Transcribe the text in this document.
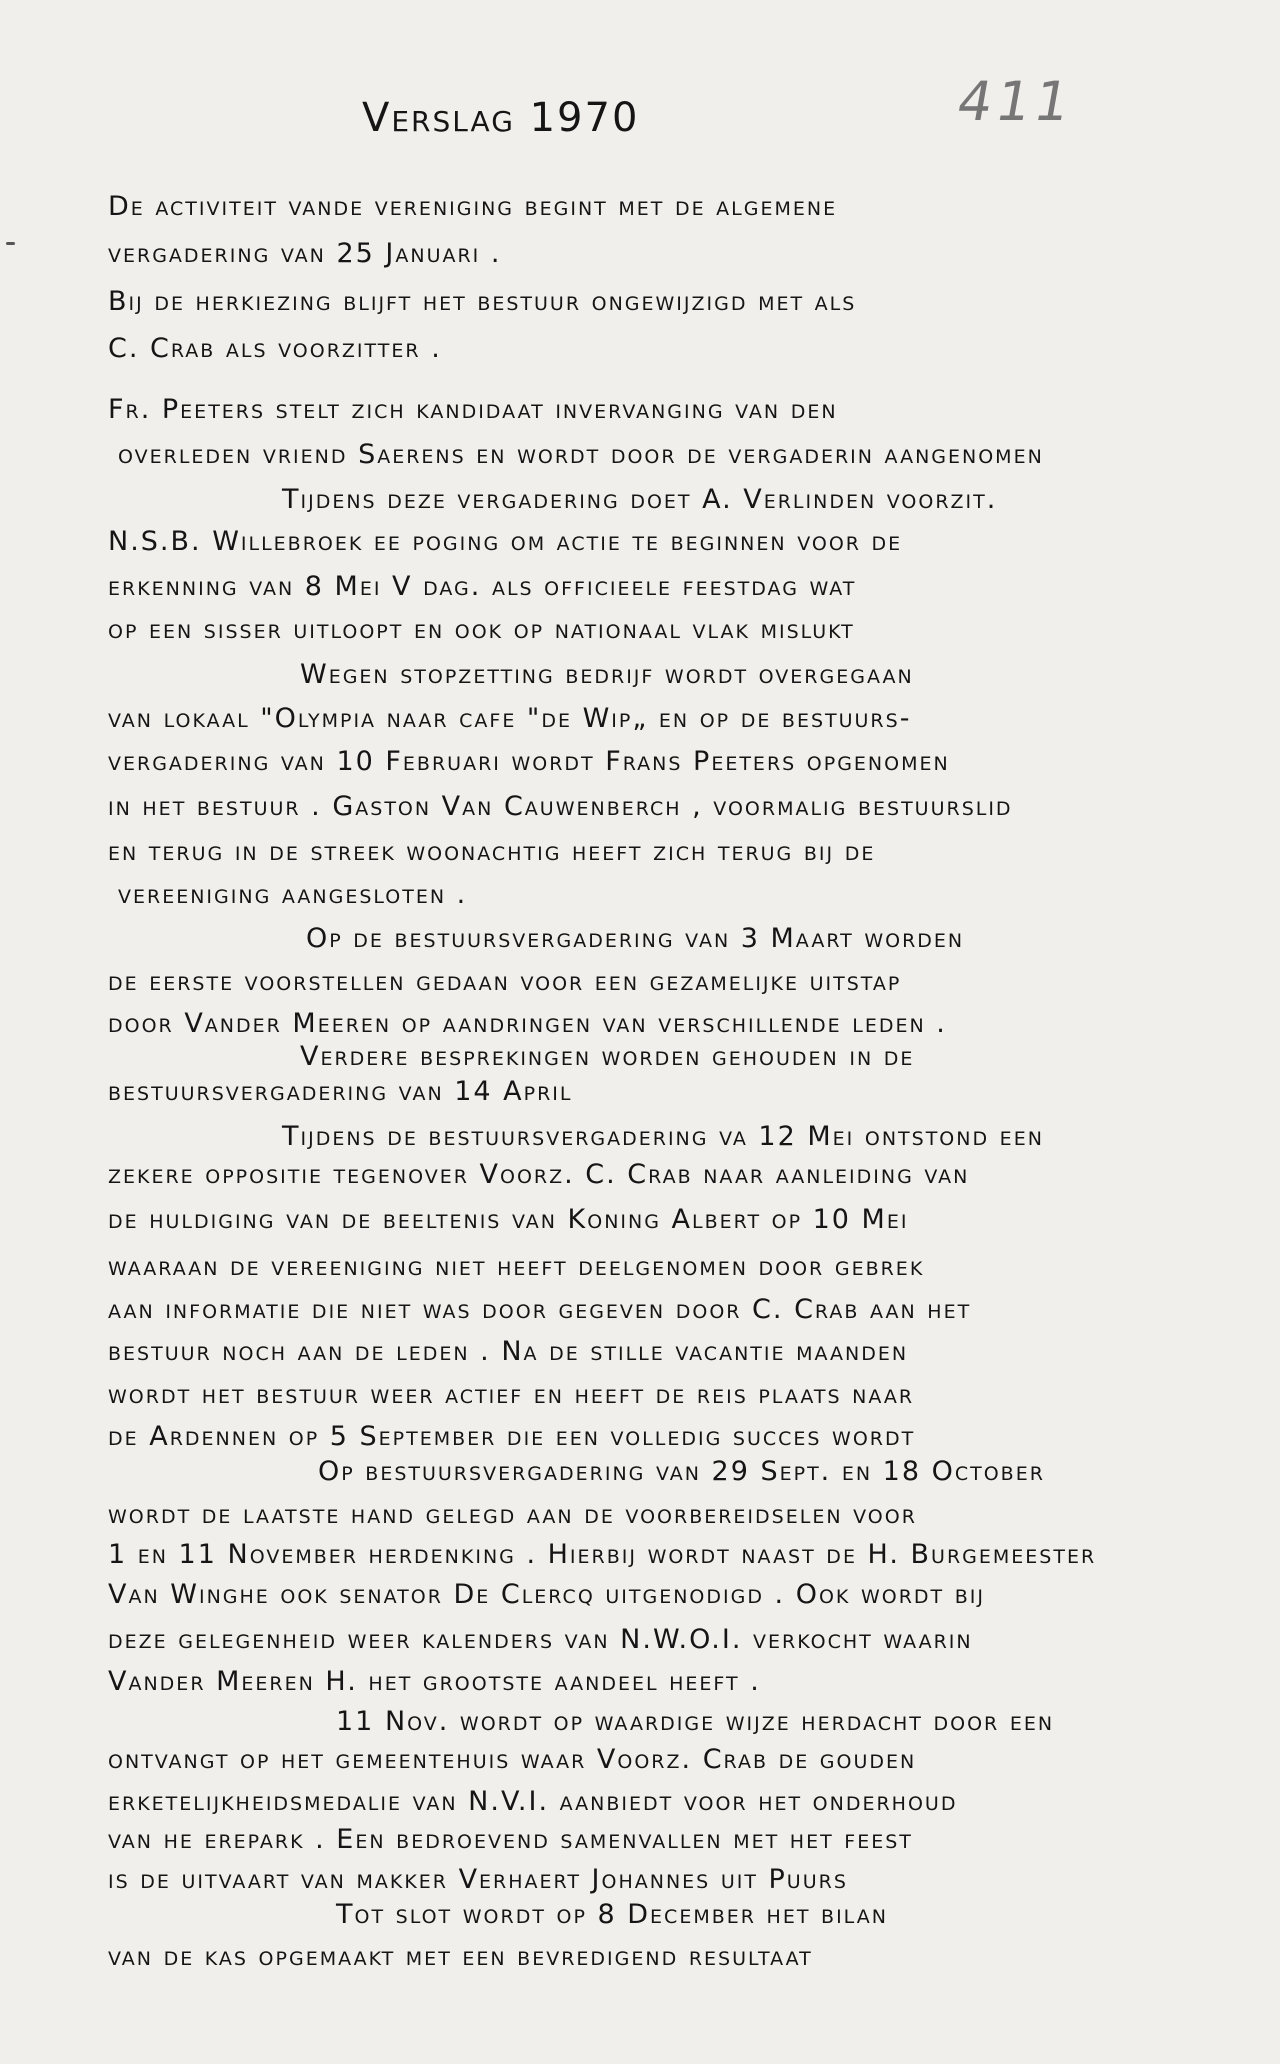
Verslag 1970	411
De activiteit vande vereniging begint met de algemene
vergadering van 25 Januari .
Bij de herkiezing blijft het bestuur ongewijzigd met als
C. Crab als voorzitter .
Fr. Peeters stelt zich kandidaat invervanging van den
overleden vriend Saerens en wordt door de vergaderin aangenomen
Tijdens deze vergadering doet A. Verlinden voorzit.
N.S.B. Willebroek ee poging om actie te beginnen voor de
erkenning van 8 Mei V dag. als officieele feestdag wat
op een sisser uitloopt en ook op nationaal vlak mislukt
Wegen stopzetting bedrijf wordt overgegaan
van lokaal "Olympia naar cafe "de Wip„ en op de bestuurs-
vergadering van 10 Februari wordt Frans Peeters opgenomen
in het bestuur . Gaston Van Cauwenberch , voormalig bestuurslid
en terug in de streek woonachtig heeft zich terug bij de
vereeniging aangesloten .
Op de bestuursvergadering van 3 Maart worden
de eerste voorstellen gedaan voor een gezamelijke uitstap
door Vander Meeren op aandringen van verschillende leden .
Verdere besprekingen worden gehouden in de
bestuursvergadering van 14 April
Tijdens de bestuursvergadering va 12 Mei ontstond een
zekere oppositie tegenover Voorz. C. Crab naar aanleiding van
de huldiging van de beeltenis van Koning Albert op 10 Mei
waaraan de vereeniging niet heeft deelgenomen door gebrek
aan informatie die niet was door gegeven door C. Crab aan het
bestuur noch aan de leden . Na de stille vacantie maanden
wordt het bestuur weer actief en heeft de reis plaats naar
de Ardennen op 5 September die een volledig succes wordt
Op bestuursvergadering van 29 Sept. en 18 October
wordt de laatste hand gelegd aan de voorbereidselen voor
1 en 11 November herdenking . Hierbij wordt naast de H. Burgemeester
Van Winghe ook senator De Clercq uitgenodigd . Ook wordt bij
deze gelegenheid weer kalenders van N.W.O.I. verkocht waarin
Vander Meeren H. het grootste aandeel heeft .
11 Nov. wordt op waardige wijze herdacht door een
ontvangt op het gemeentehuis waar Voorz. Crab de gouden
erketelijkheidsmedalie van N.V.I. aanbiedt voor het onderhoud
van he erepark . Een bedroevend samenvallen met het feest
is de uitvaart van makker Verhaert Johannes uit Puurs
Tot slot wordt op 8 December het bilan
van de kas opgemaakt met een bevredigend resultaat
